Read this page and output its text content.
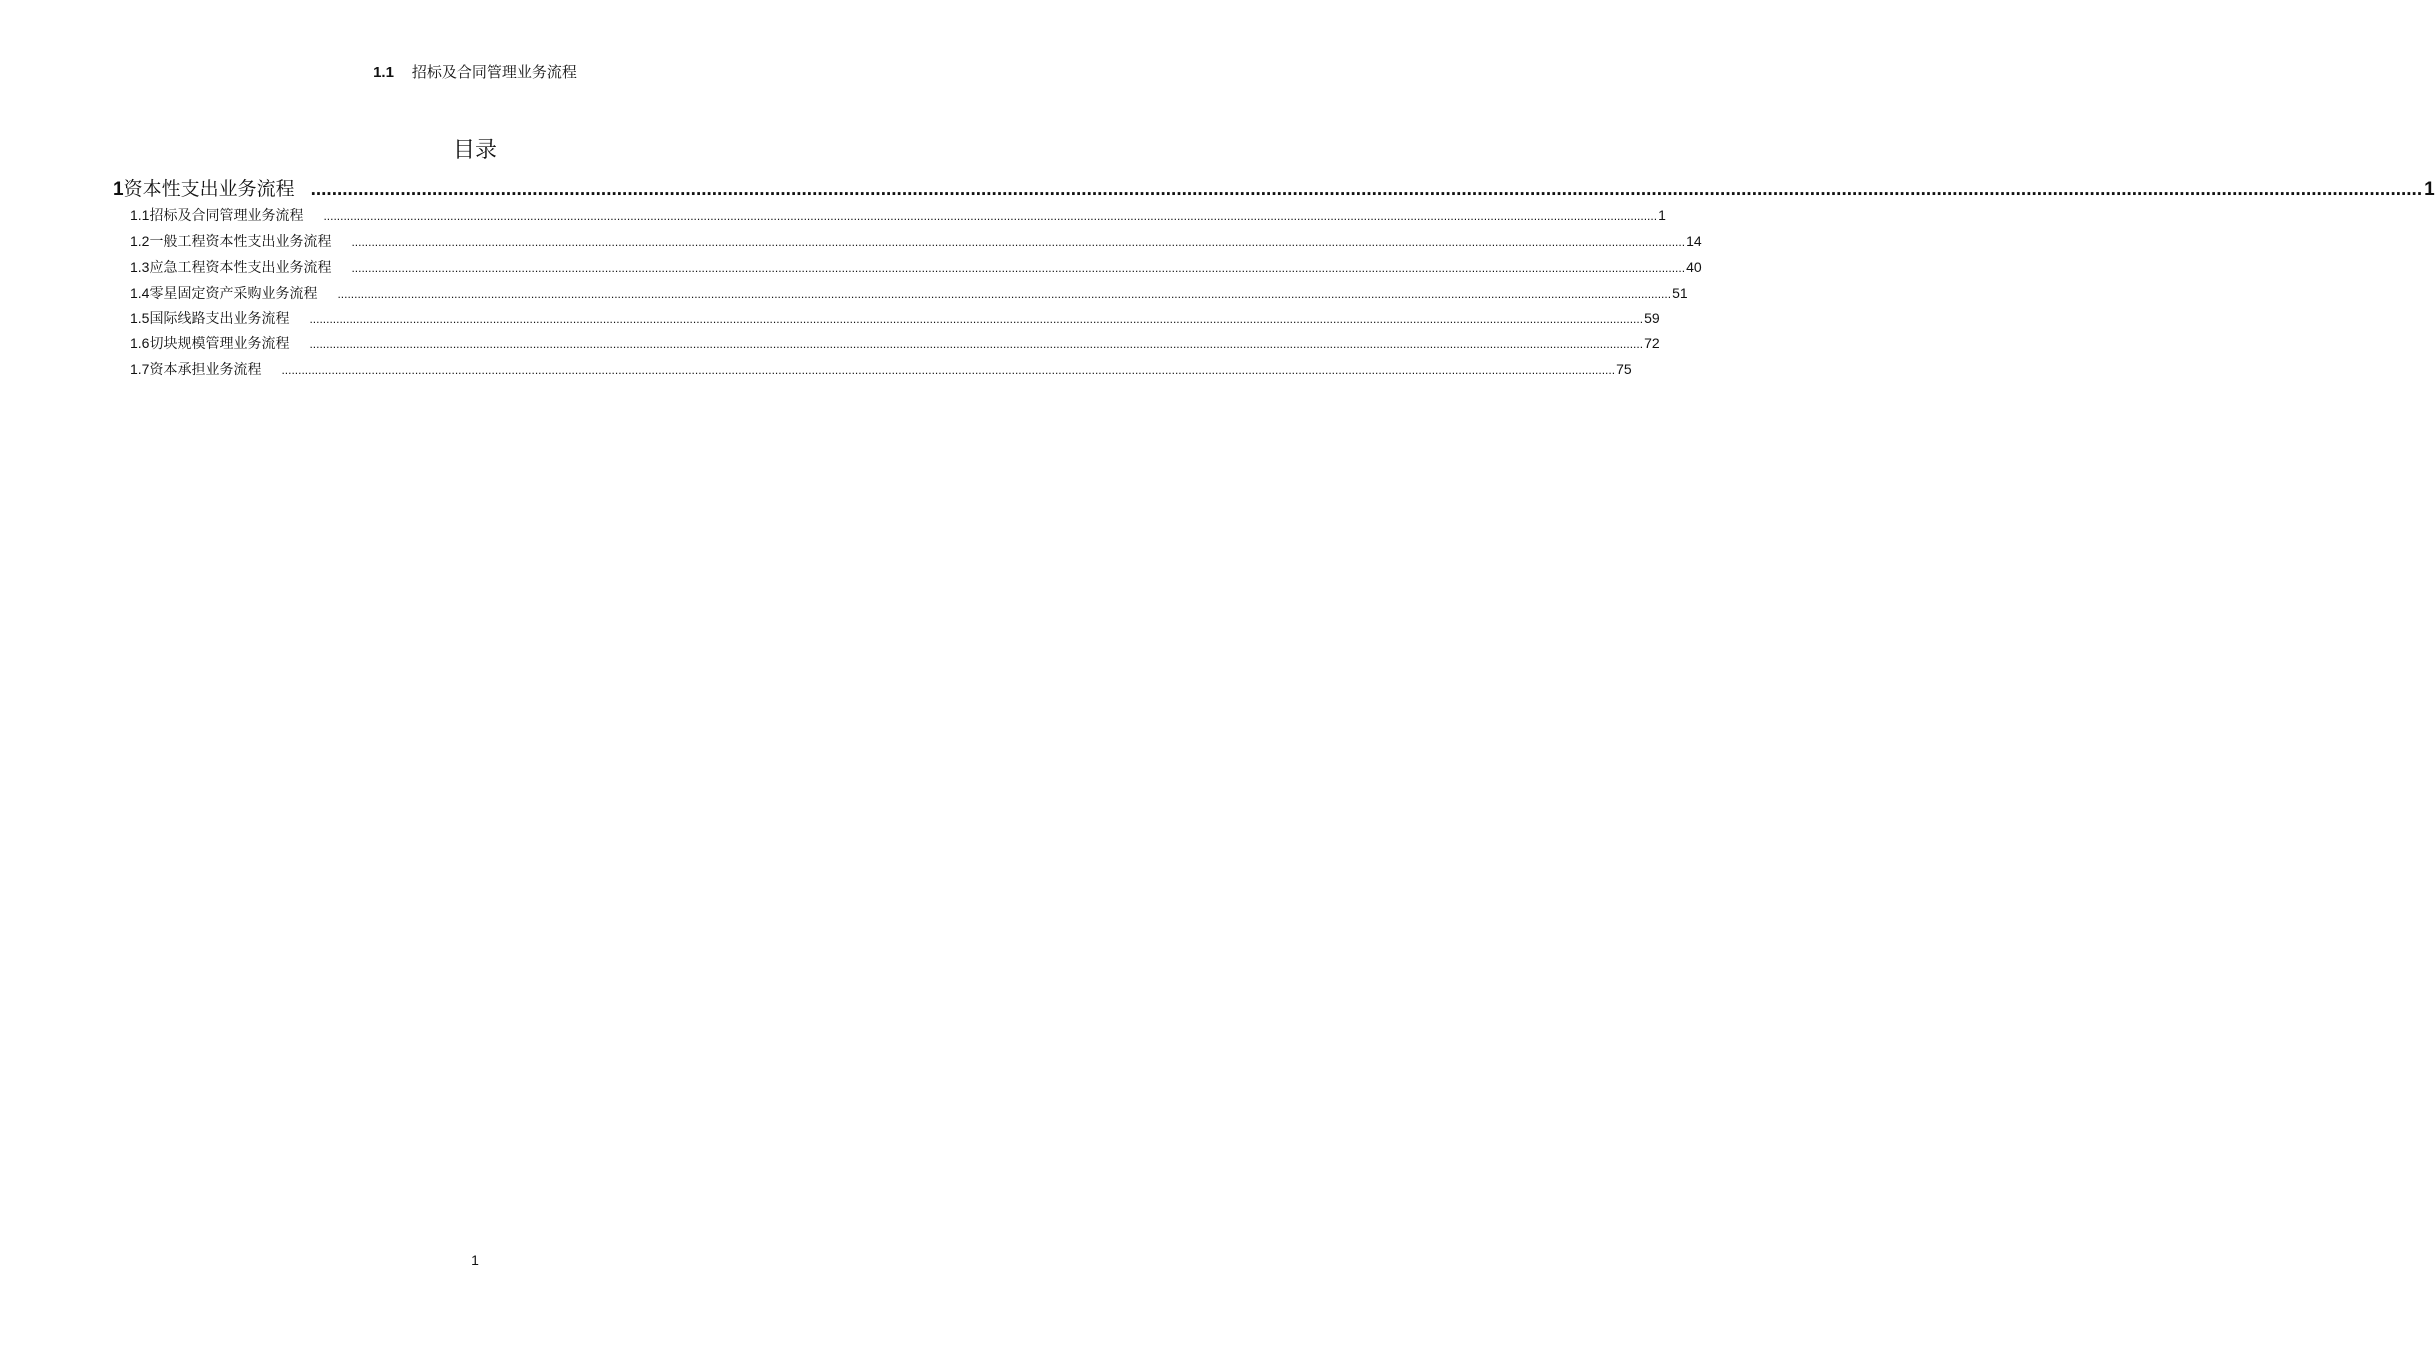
1.1 招标及合同管理业务流程
目录
1 资本性支出业务流程 ................................................................................................................................................................................................................................................................................................................................................................................................................ 1
1.1 招标及合同管理业务流程 ................................................................................................................................................................................................................................................................................................................................................................................................................ 1
1.2 一般工程资本性支出业务流程 ................................................................................................................................................................................................................................................................................................................................................................................................................ 14
1.3 应急工程资本性支出业务流程 ................................................................................................................................................................................................................................................................................................................................................................................................................ 40
1.4 零星固定资产采购业务流程 ................................................................................................................................................................................................................................................................................................................................................................................................................ 51
1.5 国际线路支出业务流程 ................................................................................................................................................................................................................................................................................................................................................................................................................ 59
1.6 切块规模管理业务流程 ................................................................................................................................................................................................................................................................................................................................................................................................................ 72
1.7 资本承担业务流程 ................................................................................................................................................................................................................................................................................................................................................................................................................ 75
1
